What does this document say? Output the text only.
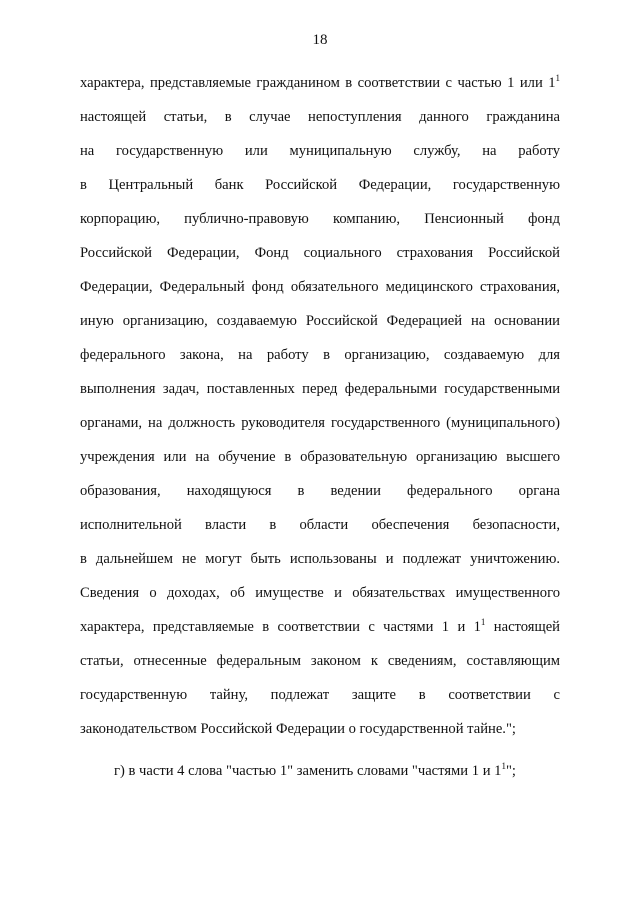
18
характера, представляемые гражданином в соответствии с частью 1 или $1^1$
настоящей статьи, в случае непоступления данного гражданина
на государственную или муниципальную службу, на работу
в Центральный банк Российской Федерации, государственную
корпорацию, публично-правовую компанию, Пенсионный фонд
Российской Федерации, Фонд социального страхования Российской
Федерации, Федеральный фонд обязательного медицинского страхования,
иную организацию, создаваемую Российской Федерацией на основании
федерального закона, на работу в организацию, создаваемую для
выполнения задач, поставленных перед федеральными государственными
органами, на должность руководителя государственного (муниципального)
учреждения или на обучение в образовательную организацию высшего
образования, находящуюся в ведении федерального органа
исполнительной власти в области обеспечения безопасности,
в дальнейшем не могут быть использованы и подлежат уничтожению.
Сведения о доходах, об имуществе и обязательствах имущественного
характера, представляемые в соответствии с частями 1 и $1^1$ настоящей
статьи, отнесенные федеральным законом к сведениям, составляющим
государственную тайну, подлежат защите в соответствии с
законодательством Российской Федерации о государственной тайне.";
г) в части 4 слова "частью 1" заменить словами "частями 1 и $1^1$";
